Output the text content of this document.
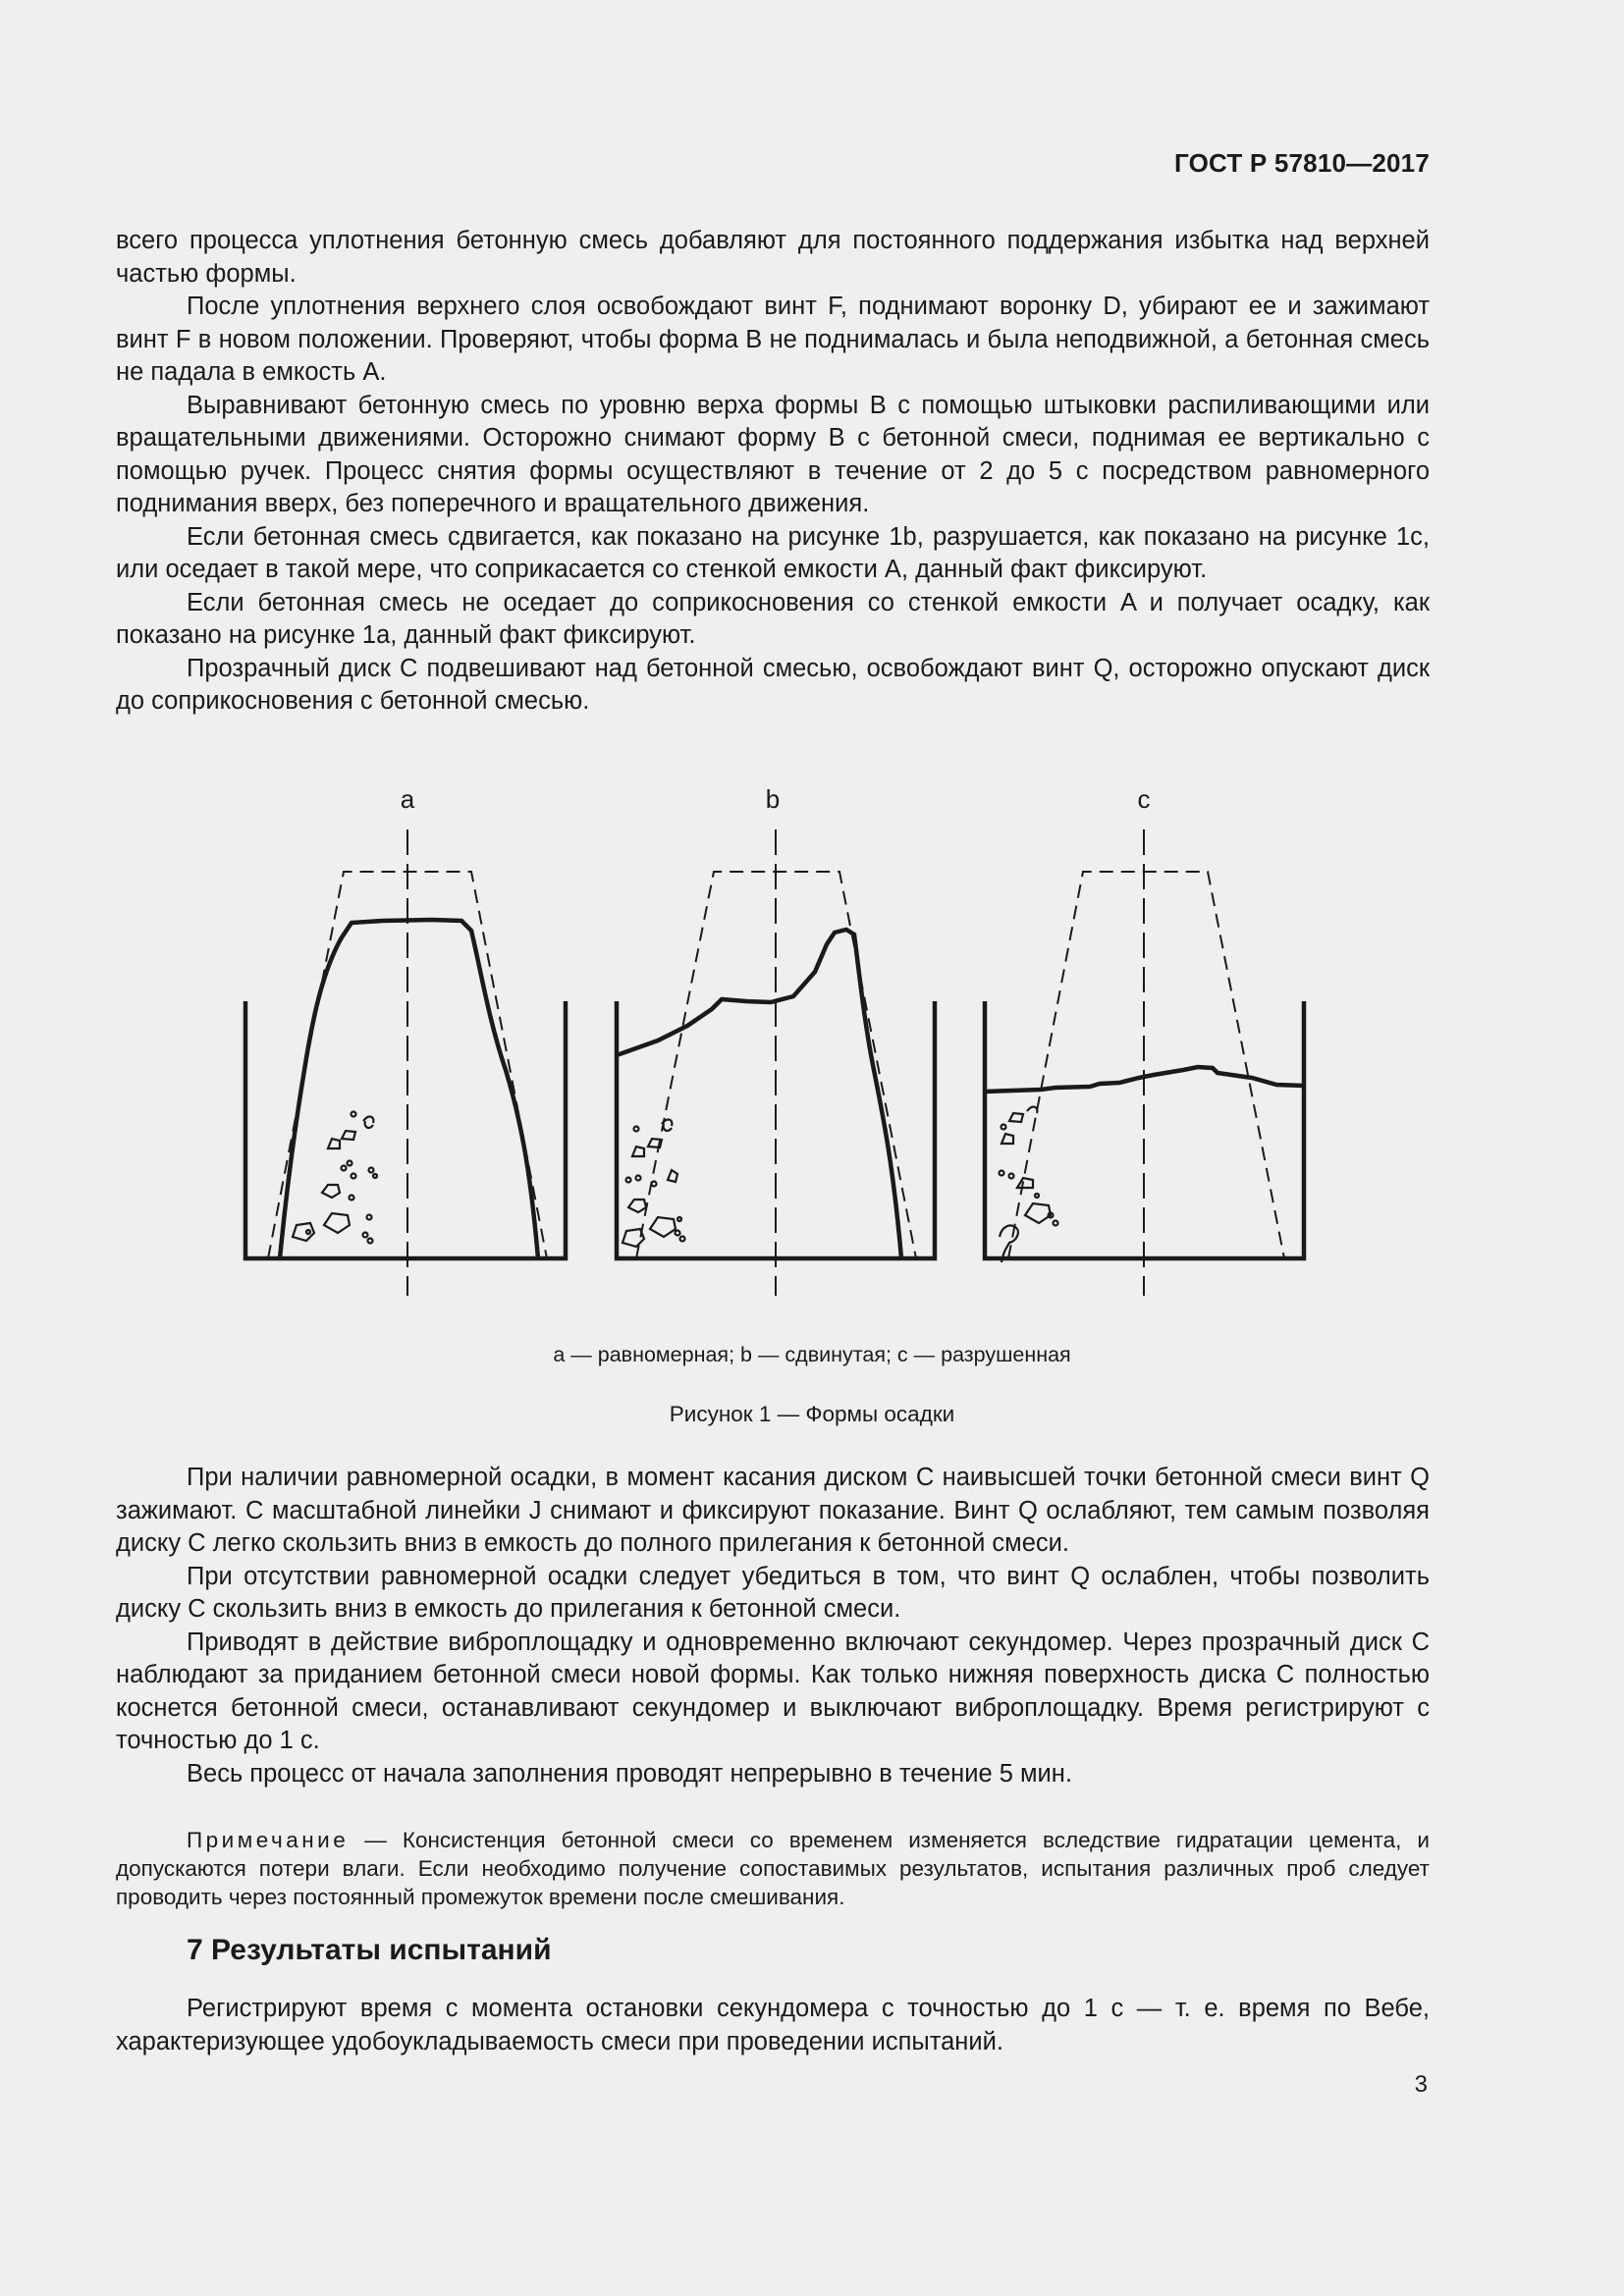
ГОСТ Р 57810—2017

всего процесса уплотнения бетонную смесь добавляют для постоянного поддержания избытка над верхней частью формы.

После уплотнения верхнего слоя освобождают винт F, поднимают воронку D, убирают ее и зажимают винт F в новом положении. Проверяют, чтобы форма B не поднималась и была неподвижной, а бетонная смесь не падала в емкость A.

Выравнивают бетонную смесь по уровню верха формы B с помощью штыковки распиливающими или вращательными движениями. Осторожно снимают форму B с бетонной смеси, поднимая ее вертикально с помощью ручек. Процесс снятия формы осуществляют в течение от 2 до 5 с посредством равномерного поднимания вверх, без поперечного и вращательного движения.

Если бетонная смесь сдвигается, как показано на рисунке 1b, разрушается, как показано на рисунке 1c, или оседает в такой мере, что соприкасается со стенкой емкости A, данный факт фиксируют.

Если бетонная смесь не оседает до соприкосновения со стенкой емкости A и получает осадку, как показано на рисунке 1a, данный факт фиксируют.

Прозрачный диск C подвешивают над бетонной смесью, освобождают винт Q, осторожно опускают диск до соприкосновения с бетонной смесью.

a	b	c
a — равномерная; b — сдвинутая; c — разрушенная
Рисунок 1 — Формы осадки

При наличии равномерной осадки, в момент касания диском C наивысшей точки бетонной смеси винт Q зажимают. С масштабной линейки J снимают и фиксируют показание. Винт Q ослабляют, тем самым позволяя диску C легко скользить вниз в емкость до полного прилегания к бетонной смеси.

При отсутствии равномерной осадки следует убедиться в том, что винт Q ослаблен, чтобы позволить диску C скользить вниз в емкость до прилегания к бетонной смеси.

Приводят в действие виброплощадку и одновременно включают секундомер. Через прозрачный диск C наблюдают за приданием бетонной смеси новой формы. Как только нижняя поверхность диска C полностью коснется бетонной смеси, останавливают секундомер и выключают виброплощадку. Время регистрируют с точностью до 1 с.

Весь процесс от начала заполнения проводят непрерывно в течение 5 мин.

Примечание — Консистенция бетонной смеси со временем изменяется вследствие гидратации цемента, и допускаются потери влаги. Если необходимо получение сопоставимых результатов, испытания различных проб следует проводить через постоянный промежуток времени после смешивания.

7 Результаты испытаний

Регистрируют время с момента остановки секундомера с точностью до 1 с — т. е. время по Вебе, характеризующее удобоукладываемость смеси при проведении испытаний.

3
